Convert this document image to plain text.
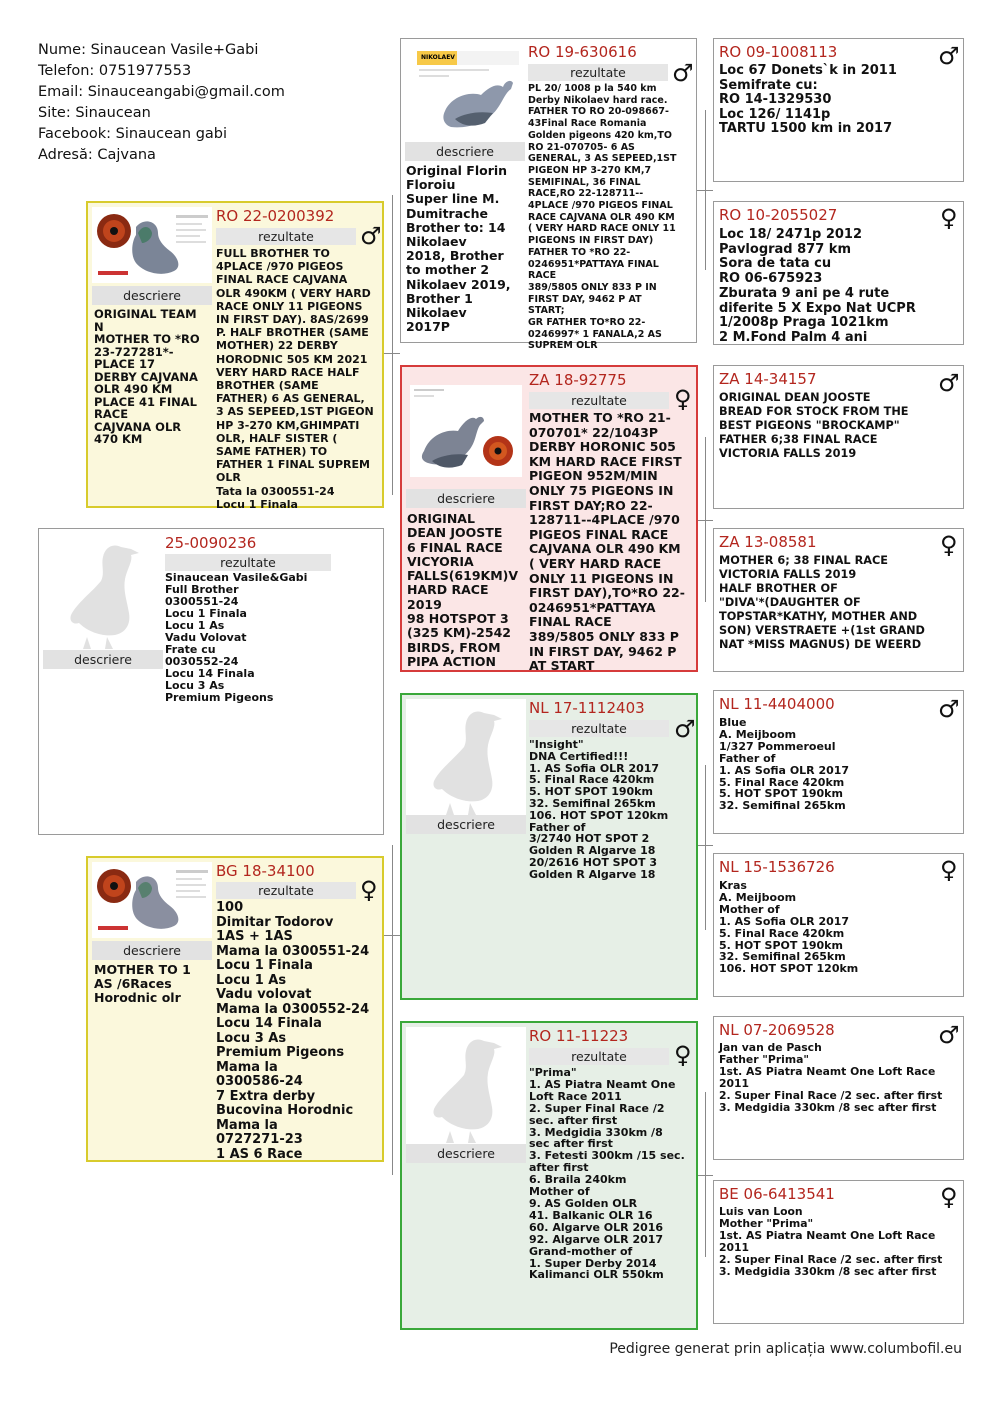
Nume: Sinaucean Vasile+Gabi
Telefon: 0751977553
Email: Sinauceangabi@gmail.com
Site: Sinaucean
Facebook: Sinaucean gabi
Adresă: Cajvana
descriere
25-0090236
rezultate
Sinaucean Vasile&Gabi
Full Brother
0300551-24
Locu 1 Finala
Locu 1 As
Vadu Volovat
Frate cu
0030552-24
Locu 14 Finala
Locu 3 As
Premium Pigeons
descriere
ORIGINAL TEAM
N
MOTHER TO *RO
23-727281*-
PLACE 17
DERBY CAJVANA
OLR 490 KM
PLACE 41 FINAL
RACE
CAJVANA OLR
470 KM
RO 22-0200392
rezultate	♂
FULL BROTHER TO
4PLACE /970 PIGEOS
FINAL RACE CAJVANA
OLR 490KM ( VERY HARD
RACE ONLY 11 PIGEONS
IN FIRST DAY). 8AS/2699
P. HALF BROTHER (SAME
MOTHER) 22 DERBY
HORODNIC 505 KM 2021
VERY HARD RACE HALF
BROTHER (SAME
FATHER) 6 AS GENERAL,
3 AS SEPEED,1ST PIGEON
HP 3-270 KM,GHIMPATI
OLR, HALF SISTER (
SAME FATHER) TO
FATHER 1 FINAL SUPREM
OLR
Tata la 0300551-24
Locu 1 Finala
descriere
MOTHER TO 1
AS /6Races
Horodnic olr
BG 18-34100
rezultate	♀
100
Dimitar Todorov
1AS + 1AS
Mama la 0300551-24
Locu 1 Finala
Locu 1 As
Vadu volovat
Mama la 0300552-24
Locu 14 Finala
Locu 3 As
Premium Pigeons
Mama la
0300586-24
7 Extra derby
Bucovina Horodnic
Mama la
0727271-23
1 AS 6 Race
NIKOLAEV
descriere
Original Florin
Floroiu
Super line M.
Dumitrache
Brother to: 14
Nikolaev
2018, Brother
to mother 2
Nikolaev 2019,
Brother 1
Nikolaev
2017P
RO 19-630616
rezultate	♂
PL 20/ 1008 p la 540 km
Derby Nikolaev hard race.
FATHER TO RO 20-098667-
43Final Race Romania
Golden pigeons 420 km,TO
RO 21-070705- 6 AS
GENERAL, 3 AS SEPEED,1ST
PIGEON HP 3-270 KM,7
SEMIFINAL, 36 FINAL
RACE,RO 22-128711--
4PLACE /970 PIGEOS FINAL
RACE CAJVANA OLR 490 KM
( VERY HARD RACE ONLY 11
PIGEONS IN FIRST DAY)
FATHER TO *RO 22-
0246951*PATTAYA FINAL
RACE
389/5805 ONLY 833 P IN
FIRST DAY, 9462 P AT
START;
GR FATHER TO*RO 22-
0246997* 1 FANALA,2 AS
SUPREM OLR
descriere
ORIGINAL
DEAN JOOSTE
6 FINAL RACE
VICYORIA
FALLS(619KM)V
HARD RACE
2019
98 HOTSPOT 3
(325 KM)-2542
BIRDS, FROM
PIPA ACTION
ZA 18-92775
rezultate	♀
MOTHER TO *RO 21-
070701* 22/1043P
DERBY HORONIC 505
KM HARD RACE FIRST
PIGEON 952M/MIN
ONLY 75 PIGEONS IN
FIRST DAY;RO 22-
128711--4PLACE /970
PIGEOS FINAL RACE
CAJVANA OLR 490 KM
( VERY HARD RACE
ONLY 11 PIGEONS IN
FIRST DAY),TO*RO 22-
0246951*PATTAYA
FINAL RACE
389/5805 ONLY 833 P
IN FIRST DAY, 9462 P
AT START
descriere
NL 17-1112403
rezultate	♂
"Insight"
DNA Certified!!!
1. AS Sofia OLR 2017
5. Final Race 420km
5. HOT SPOT 190km
32. Semifinal 265km
106. HOT SPOT 120km
Father of
3/2740 HOT SPOT 2
Golden R Algarve 18
20/2616 HOT SPOT 3
Golden R Algarve 18
descriere
RO 11-11223
rezultate	♀
"Prima"
1. AS Piatra Neamt One
Loft Race 2011
2. Super Final Race /2
sec. after first
3. Medgidia 330km /8
sec after first
3. Fetesti 300km /15 sec.
after first
6. Braila 240km
Mother of
9. AS Golden OLR
41. Balkanic OLR 16
60. Algarve OLR 2016
92. Algarve OLR 2017
Grand-mother of
1. Super Derby 2014
Kalimanci OLR 550km
RO 09-1008113	♂
Loc 67 Donets`k in 2011
Semifrate cu:
RO 14-1329530
Loc 126/ 1141p
TARTU 1500 km in 2017
RO 10-2055027	♀
Loc 18/ 2471p 2012
Pavlograd 877 km
Sora de tata cu
RO 06-675923
Zburata 9 ani pe 4 rute
diferite 5 X Expo Nat UCPR
1/2008p Praga 1021km
2 M.Fond Palm 4 ani
ZA 14-34157	♂
ORIGINAL DEAN JOOSTE
BREAD FOR STOCK FROM THE
BEST PIGEONS "BROCKAMP"
FATHER 6;38 FINAL RACE
VICTORIA FALLS 2019
ZA 13-08581	♀
MOTHER 6; 38 FINAL RACE
VICTORIA FALLS 2019
HALF BROTHER OF
"DIVA'*(DAUGHTER OF
TOPSTAR*KATHY, MOTHER AND
SON) VERSTRAETE +(1st GRAND
NAT *MISS MAGNUS) DE WEERD
NL 11-4404000	♂
Blue
A. Meijboom
1/327 Pommeroeul
Father of
1. AS Sofia OLR 2017
5. Final Race 420km
5. HOT SPOT 190km
32. Semifinal 265km
NL 15-1536726	♀
Kras
A. Meijboom
Mother of
1. AS Sofia OLR 2017
5. Final Race 420km
5. HOT SPOT 190km
32. Semifinal 265km
106. HOT SPOT 120km
NL 07-2069528	♂
Jan van de Pasch
Father "Prima"
1st. AS Piatra Neamt One Loft Race
2011
2. Super Final Race /2 sec. after first
3. Medgidia 330km /8 sec after first
BE 06-6413541	♀
Luis van Loon
Mother "Prima"
1st. AS Piatra Neamt One Loft Race
2011
2. Super Final Race /2 sec. after first
3. Medgidia 330km /8 sec after first
Pedigree generat prin aplicația www.columbofil.eu
